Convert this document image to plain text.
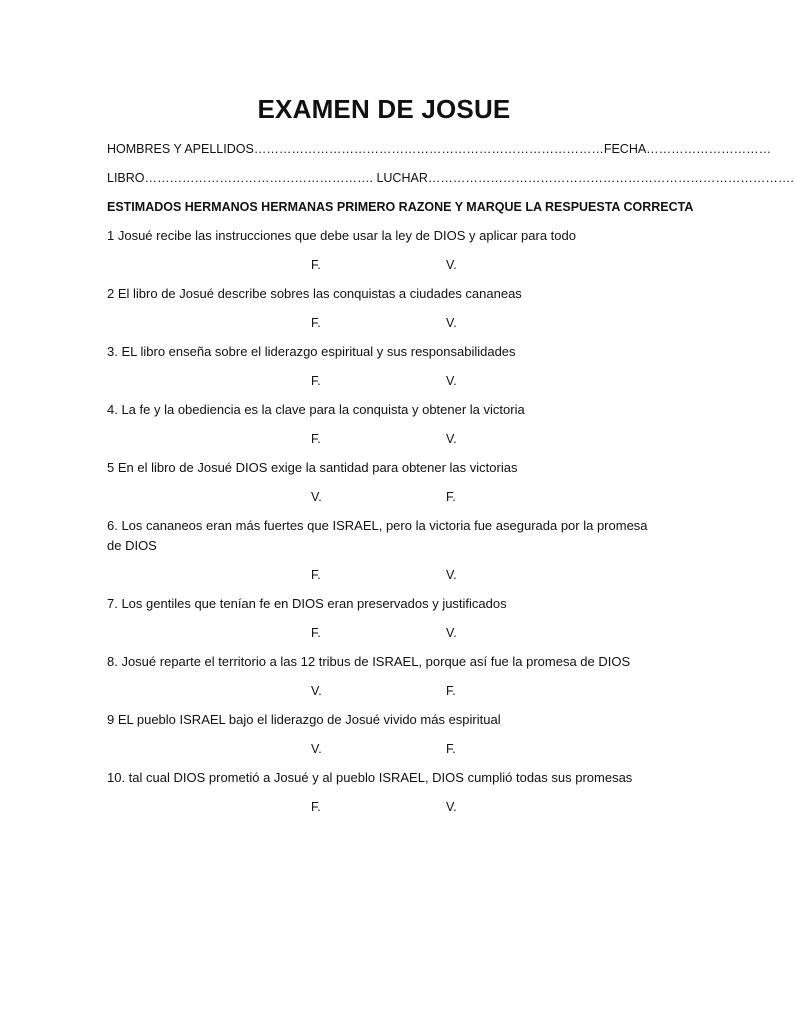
EXAMEN DE JOSUE
HOMBRES Y APELLIDOS…………………………………………………………………………FECHA…………………………
LIBRO………………………………………………. LUCHAR…………………………………………………………………………….
ESTIMADOS HERMANOS HERMANAS PRIMERO RAZONE Y MARQUE LA RESPUESTA CORRECTA
1 Josué recibe las instrucciones que debe usar la ley de DIOS y aplicar para todo
F.	V.
2 El libro de Josué describe sobres las conquistas a ciudades cananeas
F.	V.
3. EL libro enseña sobre el liderazgo espiritual y sus responsabilidades
F.	V.
4. La fe y la obediencia es la clave para la conquista y obtener la victoria
F.	V.
5 En el libro de Josué DIOS exige la santidad para obtener las victorias
V.	F.
6. Los cananeos eran más fuertes que ISRAEL, pero la victoria fue asegurada por la promesa de DIOS
F.	V.
7. Los gentiles que tenían fe en DIOS eran preservados y justificados
F.	V.
8. Josué reparte el territorio a las 12 tribus de ISRAEL, porque así fue la promesa de DIOS
V.	F.
9 EL pueblo ISRAEL bajo el liderazgo de Josué vivido más espiritual
V.	F.
10. tal cual DIOS prometió a Josué y al pueblo ISRAEL, DIOS cumplió todas sus promesas
F.	V.
